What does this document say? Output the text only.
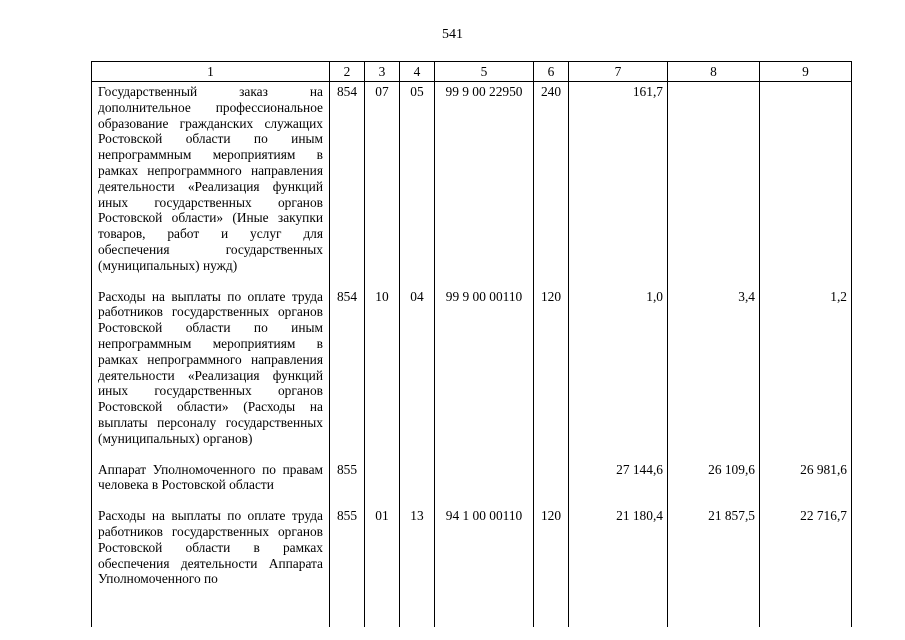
541
1	2	3	4	5	6	7	8	9
Государственный заказ на дополнительное профессиональное образование гражданских служащих Ростовской области по иным непрограммным мероприятиям в рамках непрограммного направления деятельности «Реализация функций иных государственных органов Ростовской области» (Иные закупки товаров, работ и услуг для обеспечения государственных (муниципальных) нужд)	854	07	05	99 9 00 22950	240	161,7		
Расходы на выплаты по оплате труда работников государственных органов Ростовской области по иным непрограммным мероприятиям в рамках непрограммного направления деятельности «Реализация функций иных государственных органов Ростовской области» (Расходы на выплаты персоналу государственных (муниципальных) органов)	854	10	04	99 9 00 00110	120	1,0	3,4	1,2
Аппарат Уполномоченного по правам человека в Ростовской области	855					27 144,6	26 109,6	26 981,6
Расходы на выплаты по оплате труда работников государственных органов Ростовской области в рамках обеспечения деятельности Аппарата Уполномоченного по	855	01	13	94 1 00 00110	120	21 180,4	21 857,5	22 716,7
